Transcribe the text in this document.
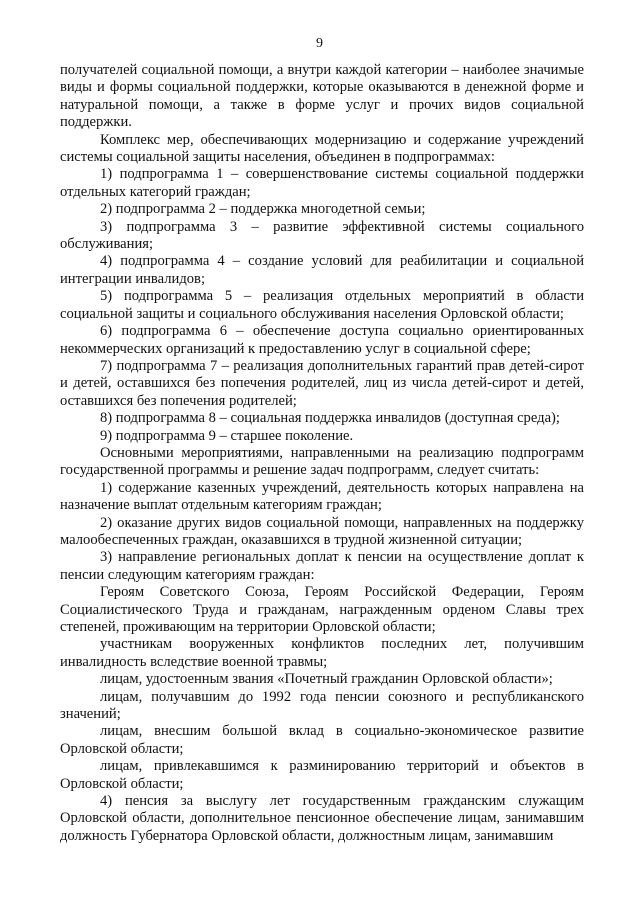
9

получателей социальной помощи, а внутри каждой категории – наиболее значимые виды и формы социальной поддержки, которые оказываются в денежной форме и натуральной помощи, а также в форме услуг и прочих видов социальной поддержки.

Комплекс мер, обеспечивающих модернизацию и содержание учреждений системы социальной защиты населения, объединен в подпрограммах:

1) подпрограмма 1 – совершенствование системы социальной поддержки отдельных категорий граждан;

2) подпрограмма 2 – поддержка многодетной семьи;

3) подпрограмма 3 – развитие эффективной системы социального обслуживания;

4) подпрограмма 4 – создание условий для реабилитации и социальной интеграции инвалидов;

5) подпрограмма 5 – реализация отдельных мероприятий в области социальной защиты и социального обслуживания населения Орловской области;

6) подпрограмма 6 – обеспечение доступа социально ориентированных некоммерческих организаций к предоставлению услуг в социальной сфере;

7) подпрограмма 7 – реализация дополнительных гарантий прав детей-сирот и детей, оставшихся без попечения родителей, лиц из числа детей-сирот и детей, оставшихся без попечения родителей;

8) подпрограмма 8 – социальная поддержка инвалидов (доступная среда);

9) подпрограмма 9 – старшее поколение.

Основными мероприятиями, направленными на реализацию подпрограмм государственной программы и решение задач подпрограмм, следует считать:

1) содержание казенных учреждений, деятельность которых направлена на назначение выплат отдельным категориям граждан;

2) оказание других видов социальной помощи, направленных на поддержку малообеспеченных граждан, оказавшихся в трудной жизненной ситуации;

3) направление региональных доплат к пенсии на осуществление доплат к пенсии следующим категориям граждан:

Героям Советского Союза, Героям Российской Федерации, Героям Социалистического Труда и гражданам, награжденным орденом Славы трех степеней, проживающим на территории Орловской области;

участникам вооруженных конфликтов последних лет, получившим инвалидность вследствие военной травмы;

лицам, удостоенным звания «Почетный гражданин Орловской области»;

лицам, получавшим до 1992 года пенсии союзного и республиканского значений;

лицам, внесшим большой вклад в социально-экономическое развитие Орловской области;

лицам, привлекавшимся к разминированию территорий и объектов в Орловской области;

4) пенсия за выслугу лет государственным гражданским служащим Орловской области, дополнительное пенсионное обеспечение лицам, занимавшим должность Губернатора Орловской области, должностным лицам, занимавшим
